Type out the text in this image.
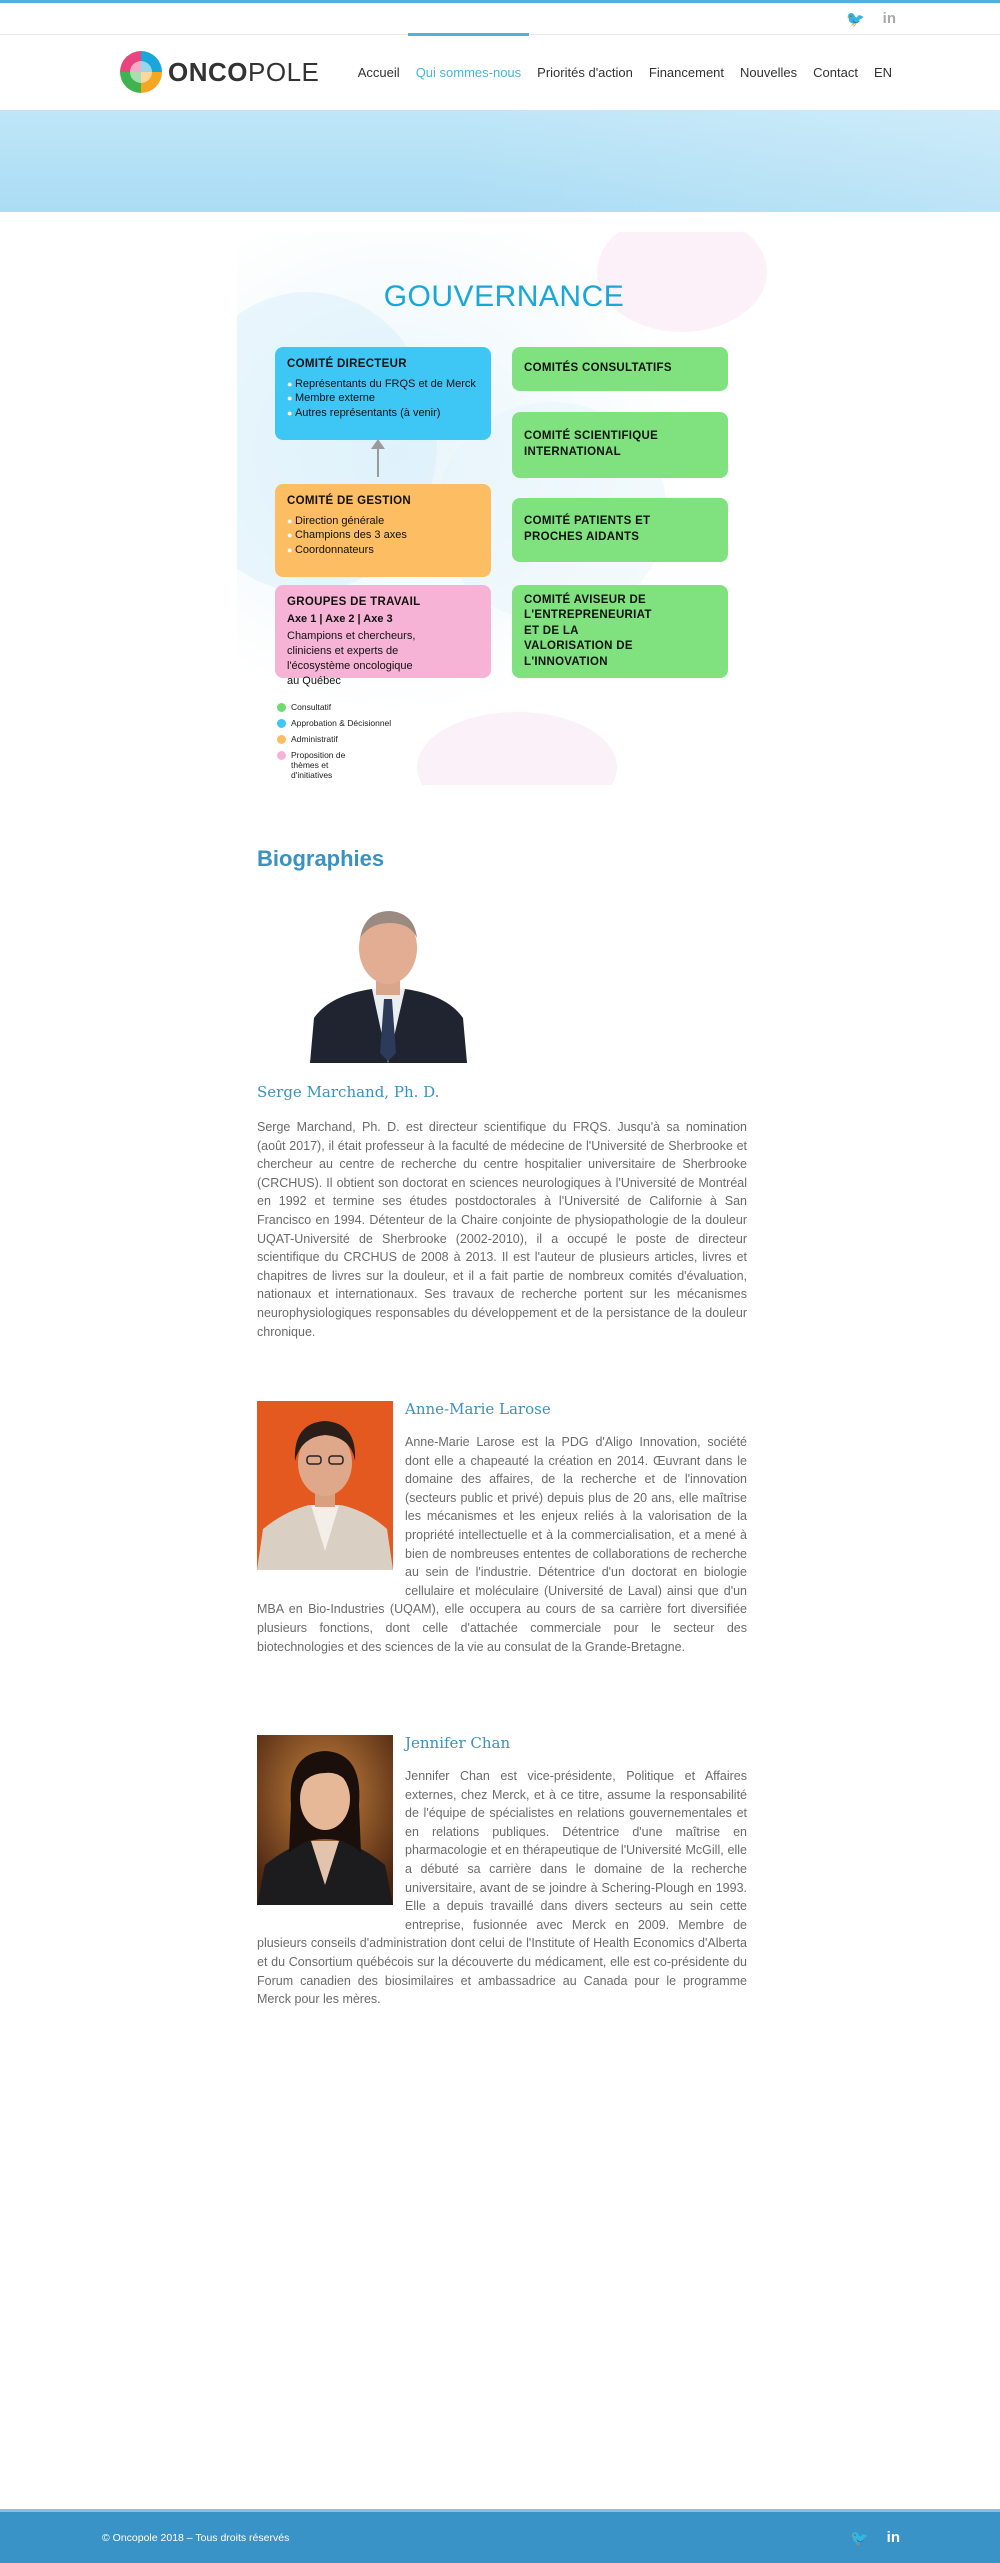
🐦 in
ONCOPOLE	Accueil	Qui sommes-nous	Priorités d'action	Financement	Nouvelles	Contact	EN
GOUVERNANCE
COMITÉ DIRECTEUR
● Représentants du FRQS et de Merck
● Membre externe
● Autres représentants (à venir)
COMITÉ DE GESTION
● Direction générale
● Champions des 3 axes
● Coordonnateurs
GROUPES DE TRAVAIL
Axe 1 | Axe 2 | Axe 3
Champions et chercheurs, cliniciens et experts de l'écosystème oncologique au Québec
COMITÉS CONSULTATIFS
COMITÉ SCIENTIFIQUE INTERNATIONAL
COMITÉ PATIENTS ET PROCHES AIDANTS
COMITÉ AVISEUR DE L'ENTREPRENEURIAT ET DE LA VALORISATION DE L'INNOVATION
Consultatif
Approbation & Décisionnel
Administratif
Proposition de thèmes et d'initiatives
Biographies
Serge Marchand, Ph. D.
Serge Marchand, Ph. D. est directeur scientifique du FRQS. Jusqu'à sa nomination (août 2017), il était professeur à la faculté de médecine de l'Université de Sherbrooke et chercheur au centre de recherche du centre hospitalier universitaire de Sherbrooke (CRCHUS). Il obtient son doctorat en sciences neurologiques à l'Université de Montréal en 1992 et termine ses études postdoctorales à l'Université de Californie à San Francisco en 1994. Détenteur de la Chaire conjointe de physiopathologie de la douleur UQAT-Université de Sherbrooke (2002-2010), il a occupé le poste de directeur scientifique du CRCHUS de 2008 à 2013. Il est l'auteur de plusieurs articles, livres et chapitres de livres sur la douleur, et il a fait partie de nombreux comités d'évaluation, nationaux et internationaux. Ses travaux de recherche portent sur les mécanismes neurophysiologiques responsables du développement et de la persistance de la douleur chronique.
Anne-Marie Larose
Anne-Marie Larose est la PDG d'Aligo Innovation, société dont elle a chapeauté la création en 2014. Œuvrant dans le domaine des affaires, de la recherche et de l'innovation (secteurs public et privé) depuis plus de 20 ans, elle maîtrise les mécanismes et les enjeux reliés à la valorisation de la propriété intellectuelle et à la commercialisation, et a mené à bien de nombreuses ententes de collaborations de recherche au sein de l'industrie. Détentrice d'un doctorat en biologie cellulaire et moléculaire (Université de Laval) ainsi que d'un MBA en Bio-Industries (UQAM), elle occupera au cours de sa carrière fort diversifiée plusieurs fonctions, dont celle d'attachée commerciale pour le secteur des biotechnologies et des sciences de la vie au consulat de la Grande-Bretagne.
Jennifer Chan
Jennifer Chan est vice-présidente, Politique et Affaires externes, chez Merck, et à ce titre, assume la responsabilité de l'équipe de spécialistes en relations gouvernementales et en relations publiques. Détentrice d'une maîtrise en pharmacologie et en thérapeutique de l'Université McGill, elle a débuté sa carrière dans le domaine de la recherche universitaire, avant de se joindre à Schering-Plough en 1993. Elle a depuis travaillé dans divers secteurs au sein cette entreprise, fusionnée avec Merck en 2009. Membre de plusieurs conseils d'administration dont celui de l'Institute of Health Economics d'Alberta et du Consortium québécois sur la découverte du médicament, elle est co-présidente du Forum canadien des biosimilaires et ambassadrice au Canada pour le programme Merck pour les mères.
© Oncopole 2018 – Tous droits réservés	🐦 in
